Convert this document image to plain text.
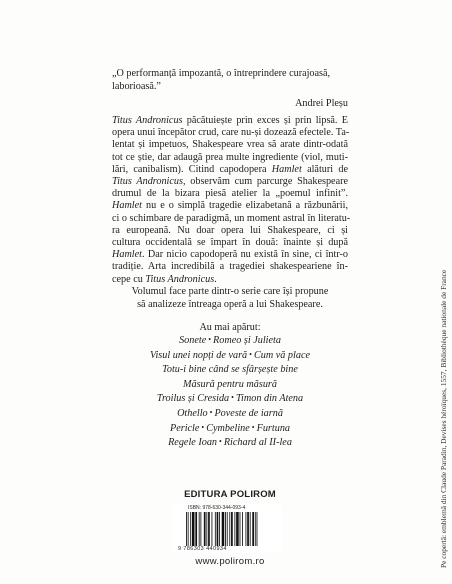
„O performanță impozantă, o întreprindere curajoasă, laborioasă.”
Andrei Pleșu
Titus Andronicus păcătuiește prin exces și prin lipsă. E
opera unui începător crud, care nu-și dozează efectele. Ta-
lentat și impetuos, Shakespeare vrea să arate dintr-odată
tot ce știe, dar adaugă prea multe ingrediente (viol, muti-
lări, canibalism). Citind capodopera Hamlet alături de
Titus Andronicus, observăm cum parcurge Shakespeare
drumul de la bizara piesă atelier la „poemul infinit”.
Hamlet nu e o simplă tragedie elizabetană a răzbunării,
ci o schimbare de paradigmă, un moment astral în literatu-
ra europeană. Nu doar opera lui Shakespeare, ci și
cultura occidentală se împart în două: înainte și după
Hamlet. Dar nicio capodoperă nu există în sine, ci într-o
tradiție. Arta incredibilă a tragediei shakespeariene în-
cepe cu Titus Andronicus.
Volumul face parte dintr-o serie care își propune
să analizeze întreaga operă a lui Shakespeare.
Au mai apărut:
Sonete • Romeo și Julieta
Visul unei nopți de vară • Cum vă place
Totu-i bine când se sfârșește bine
Măsură pentru măsură
Troilus și Cresida • Timon din Atena
Othello • Poveste de iarnă
Pericle • Cymbeline • Furtuna
Regele Ioan • Richard al II-lea
EDITURA POLIROM
ISBN: 978-630-344-093-4
9 786303 440934
www.polirom.ro	Pe copertă: emblemă din Claude Paradin, Devises héroïques, 1557, Bibliothèque nationale de France
